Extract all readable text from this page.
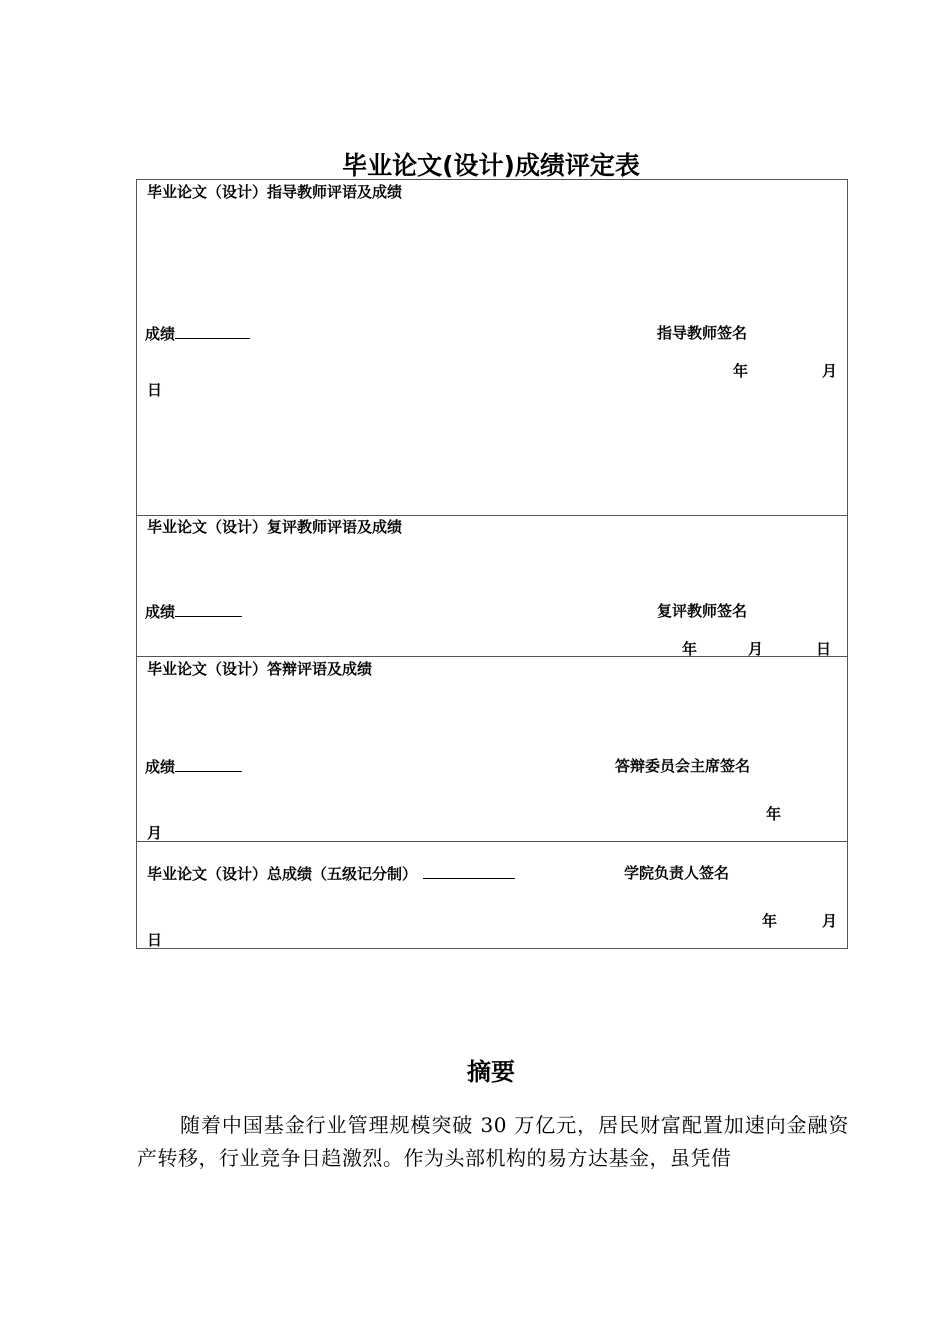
毕业论文(设计)成绩评定表
毕业论文（设计）指导教师评语及成绩
成绩	指导教师签名
年	月
日
毕业论文（设计）复评教师评语及成绩
成绩	复评教师签名
年	月	日
毕业论文（设计）答辩评语及成绩
成绩	答辩委员会主席签名
年
月
毕业论文（设计）总成绩（五级记分制）	学院负责人签名
年	月
日
摘要
随着中国基金行业管理规模突破 30 万亿元，居民财富配置加速向金融资产转移，行业竞争日趋激烈。作为头部机构的易方达基金，虽凭借
